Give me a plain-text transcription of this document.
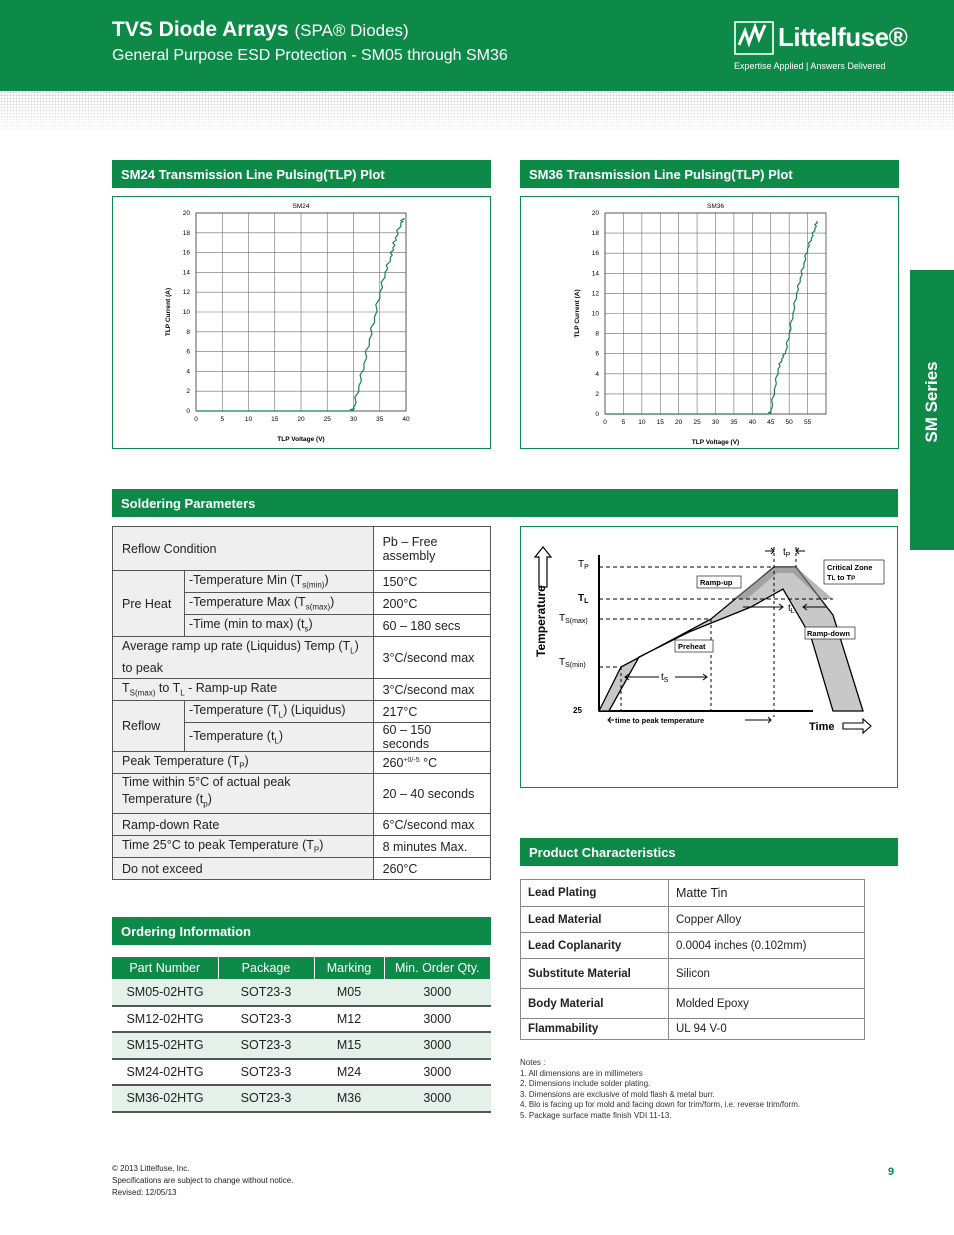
TVS Diode Arrays (SPA® Diodes)
General Purpose ESD Protection - SM05 through SM36
Littelfuse®
Expertise Applied | Answers Delivered
SM Series
SM24 Transmission Line Pulsing(TLP) Plot
0	5	10	15	20	25	30	35	40
0
2
4
6
8
10
12
14
16
18
20
SM24
TLP Voltage (V)
TLP Current (A)
SM36 Transmission Line Pulsing(TLP) Plot
0 5 10 15 20 25 30 35 40 45 50 55
0
2
4
6
8
10
12
14
16
18
20
SM36
TLP Voltage (V)
TLP Current (A)
Soldering Parameters
Reflow Condition		Pb – Free assembly
Pre Heat	-Temperature Min $(T_{s(min)})$	150°C
	-Temperature Max $(T_{s(max)})$	200°C
	-Time (min to max) $(t_s)$	60 – 180 secs
Average ramp up rate (Liquidus) Temp $(T_L)$ to peak		3°C/second max
$T_{S(max)}$ to $T_L$ - Ramp-up Rate		3°C/second max
Reflow	-Temperature $(T_L)$ (Liquidus)	217°C
	-Temperature $(t_L)$	60 – 150 seconds
Peak Temperature $(T_P)$		$260^{+0/-5}$ °C
Time within 5°C of actual peak Temperature $(t_p)$		20 – 40 seconds
Ramp-down Rate		6°C/second max
Time 25°C to peak Temperature $(T_P)$		8 minutes Max.
Do not exceed		260°C
Temperature
$T_P$
$T_L$
$T_{S(max)}$
$T_{S(min)}$
25
$t_P$
$t_L$
$t_S$
Ramp-up
Ramp-down
Preheat
Critical Zone
TL to TP
time to peak temperature
Time
Product Characteristics
Lead Plating	Matte Tin
Lead Material	Copper Alloy
Lead Coplanarity	0.0004 inches (0.102mm)
Substitute Material	Silicon
Body Material	Molded Epoxy
Flammability	UL 94 V-0
Notes :
1. All dimensions are in millimeters
2. Dimensions include solder plating.
3. Dimensions are exclusive of mold flash & metal burr.
4. Blo is facing up for mold and facing down for trim/form, i.e. reverse trim/form.
5. Package surface matte finish VDI 11-13.
Ordering Information
Part Number	Package	Marking	Min. Order Qty.
SM05-02HTG	SOT23-3	M05	3000
SM12-02HTG	SOT23-3	M12	3000
SM15-02HTG	SOT23-3	M15	3000
SM24-02HTG	SOT23-3	M24	3000
SM36-02HTG	SOT23-3	M36	3000
© 2013 Littelfuse, Inc.
Specifications are subject to change without notice.
Revised: 12/05/13
9
